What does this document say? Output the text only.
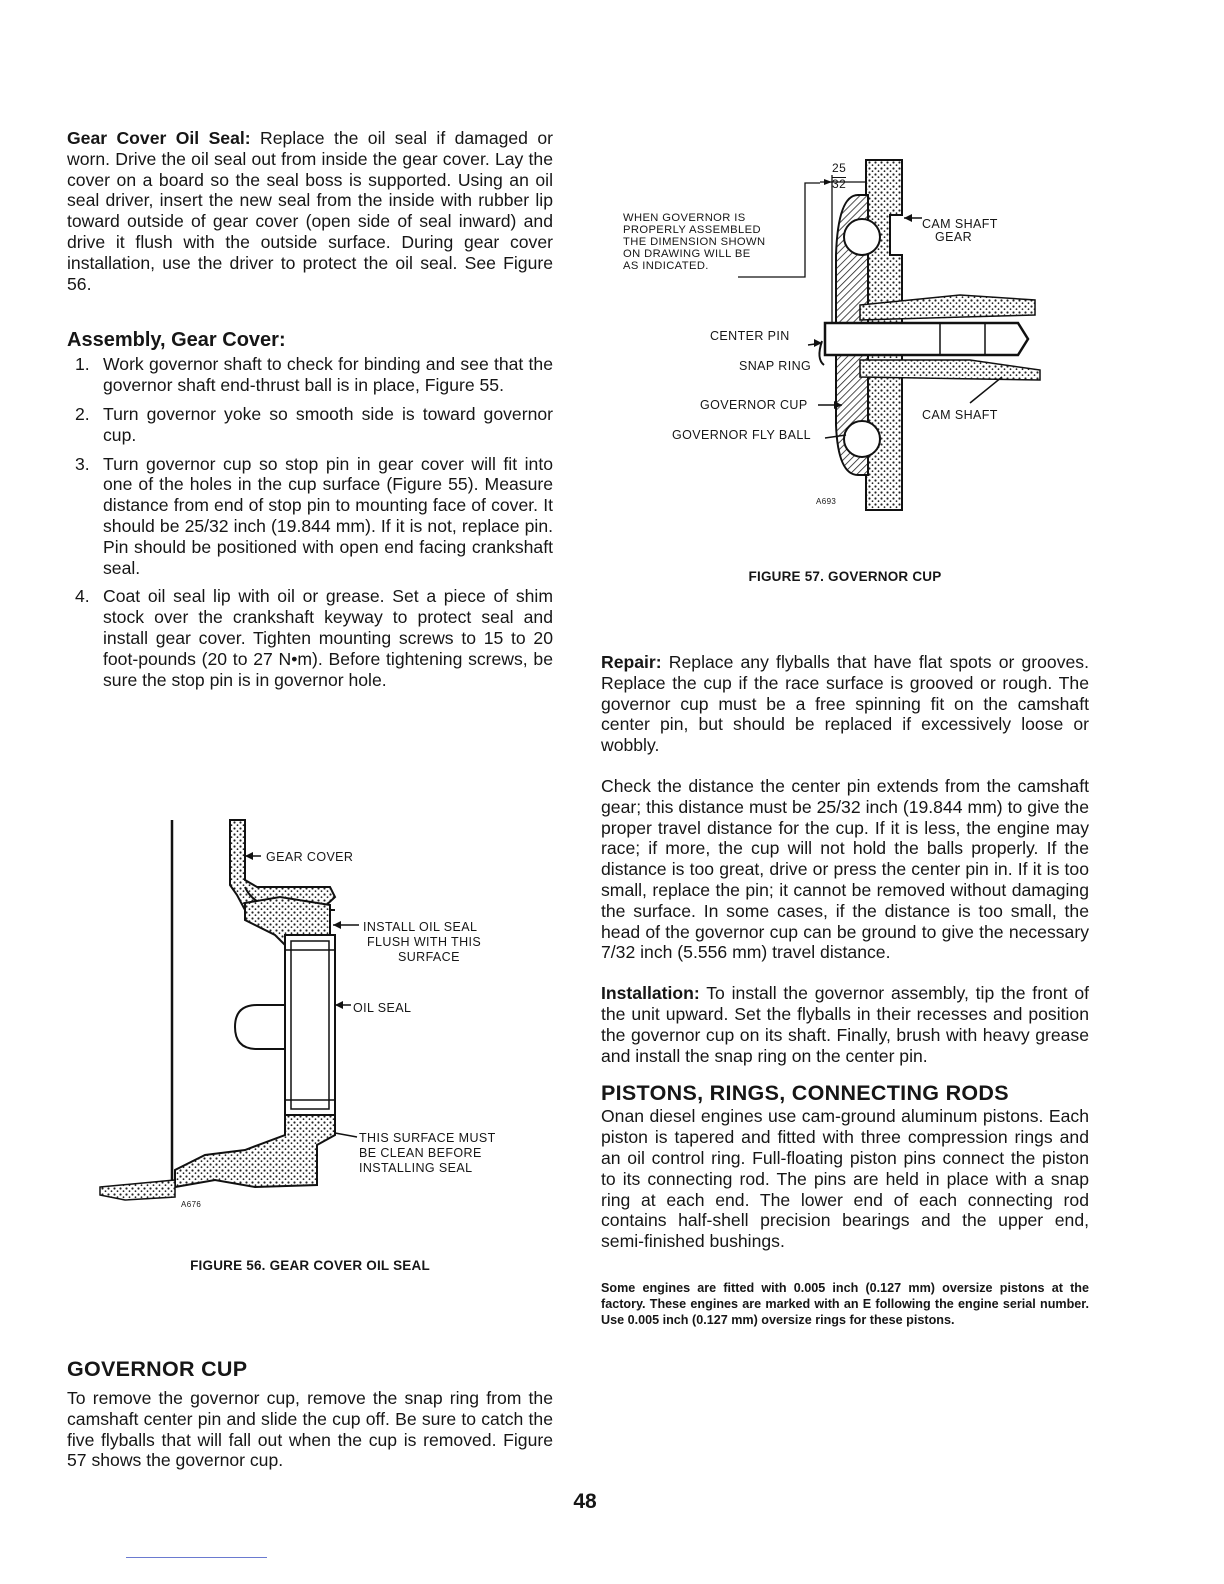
Gear Cover Oil Seal: Replace the oil seal if damaged or worn. Drive the oil seal out from inside the gear cover. Lay the cover on a board so the seal boss is supported. Using an oil seal driver, insert the new seal from the inside with rubber lip toward outside of gear cover (open side of seal inward) and drive it flush with the outside surface. During gear cover installation, use the driver to protect the oil seal. See Figure 56.

Assembly, Gear Cover:
1. Work governor shaft to check for binding and see that the governor shaft end-thrust ball is in place, Figure 55.
2. Turn governor yoke so smooth side is toward governor cup.
3. Turn governor cup so stop pin in gear cover will fit into one of the holes in the cup surface (Figure 55). Measure distance from end of stop pin to mounting face of cover. It should be 25/32 inch (19.844 mm). If it is not, replace pin. Pin should be positioned with open end facing crankshaft seal.
4. Coat oil seal lip with oil or grease. Set a piece of shim stock over the crankshaft keyway to protect seal and install gear cover. Tighten mounting screws to 15 to 20 foot-pounds (20 to 27 N•m). Before tightening screws, be sure the stop pin is in governor hole.
GEAR COVER
INSTALL OIL SEAL
FLUSH WITH THIS
SURFACE
OIL SEAL
THIS SURFACE MUST
BE CLEAN BEFORE
INSTALLING SEAL
A676
FIGURE 56. GEAR COVER OIL SEAL
GOVERNOR CUP

To remove the governor cup, remove the snap ring from the camshaft center pin and slide the cup off. Be sure to catch the five flyballs that will fall out when the cup is removed. Figure 57 shows the governor cup.

25
32
WHEN GOVERNOR IS
PROPERLY ASSEMBLED
THE DIMENSION SHOWN
ON DRAWING WILL BE
AS INDICATED.
CAM SHAFT
GEAR
CENTER PIN
SNAP RING
GOVERNOR CUP
GOVERNOR FLY BALL
CAM SHAFT
A693
FIGURE 57. GOVERNOR CUP

Repair: Replace any flyballs that have flat spots or grooves. Replace the cup if the race surface is grooved or rough. The governor cup must be a free spinning fit on the camshaft center pin, but should be replaced if excessively loose or wobbly.

Check the distance the center pin extends from the camshaft gear; this distance must be 25/32 inch (19.844 mm) to give the proper travel distance for the cup. If it is less, the engine may race; if more, the cup will not hold the balls properly. If the distance is too great, drive or press the center pin in. If it is too small, replace the pin; it cannot be removed without damaging the surface. In some cases, if the distance is too small, the head of the governor cup can be ground to give the necessary 7/32 inch (5.556 mm) travel distance.

Installation: To install the governor assembly, tip the front of the unit upward. Set the flyballs in their recesses and position the governor cup on its shaft. Finally, brush with heavy grease and install the snap ring on the center pin.

PISTONS, RINGS, CONNECTING RODS

Onan diesel engines use cam-ground aluminum pistons. Each piston is tapered and fitted with three compression rings and an oil control ring. Full-floating piston pins connect the piston to its connecting rod. The pins are held in place with a snap ring at each end. The lower end of each connecting rod contains half-shell precision bearings and the upper end, semi-finished bushings.

Some engines are fitted with 0.005 inch (0.127 mm) oversize pistons at the factory. These engines are marked with an E following the engine serial number. Use 0.005 inch (0.127 mm) oversize rings for these pistons.

48
